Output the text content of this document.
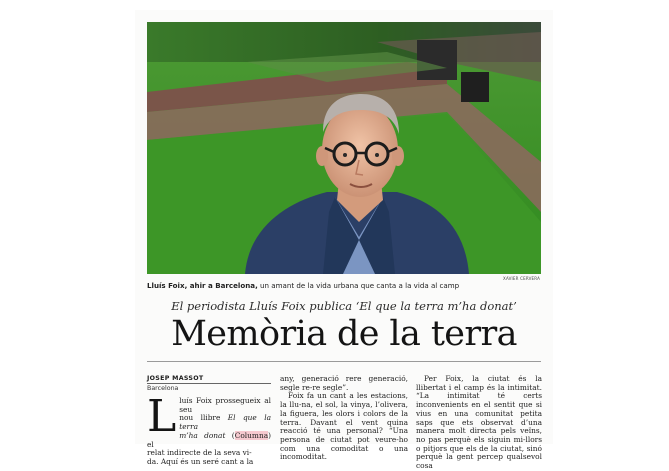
XAVIER CERVERA
Lluís Foix, ahir a Barcelona, un amant de la vida urbana que canta a la vida al camp
El periodista Lluís Foix publica ‘El que la terra m’ha donat’
Memòria de la terra
JOSEP MASSOT
Barcelona
L luís Foix prossegueix al seu
nou llibre El que la terra
m’ha donat (Columna) el
relat indirecte de la seva vi-
da. Aquí és un seré cant a la

any, generació rere generació, segle re-re segle”.

Foix fa un cant a les estacions, la llu-na, el sol, la vinya, l’olivera, la figuera, les olors i colors de la terra. Davant el vent quina reacció té una personal? “Una persona de ciutat pot veure-ho com una comoditat o una incomoditat.

Per Foix, la ciutat és la llibertat i el camp és la intimitat. “La intimitat té certs inconvenients en el sentit que si vius en una comunitat petita saps que ets observat d’una manera molt directa pels veïns, no pas perquè els siguin mi-llors o pitjors que els de la ciutat, sinó perquè la gent percep qualsevol cosa
